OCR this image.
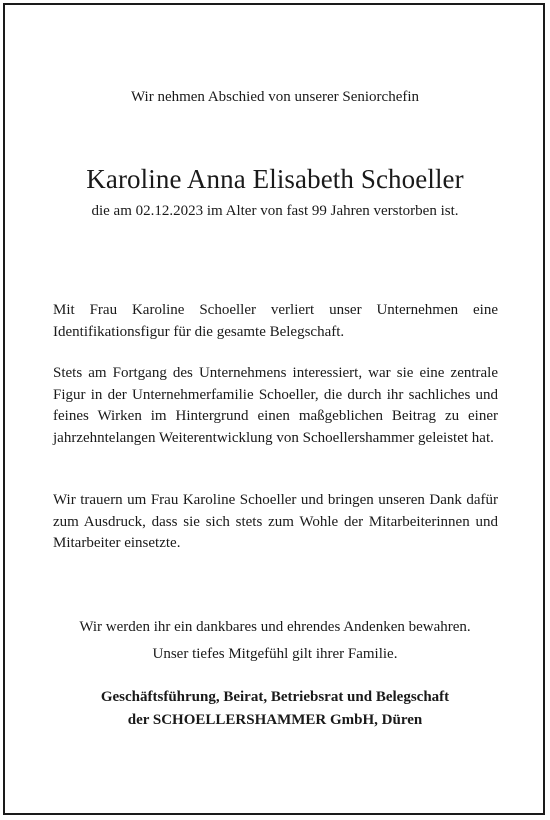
Wir nehmen Abschied von unserer Seniorchefin
Karoline Anna Elisabeth Schoeller
die am 02.12.2023 im Alter von fast 99 Jahren verstorben ist.

Mit Frau Karoline Schoeller verliert unser Unternehmen eine Identifikationsfigur für die gesamte Belegschaft.

Stets am Fortgang des Unternehmens interessiert, war sie eine zentrale Figur in der Unternehmerfamilie Schoeller, die durch ihr sachliches und feines Wirken im Hintergrund einen maßgeblichen Beitrag zu einer jahrzehntelangen Weiterentwicklung von Schoellershammer geleistet hat.

Wir trauern um Frau Karoline Schoeller und bringen unseren Dank dafür zum Ausdruck, dass sie sich stets zum Wohle der Mitarbeiterinnen und Mitarbeiter einsetzte.

Wir werden ihr ein dankbares und ehrendes Andenken bewahren.
Unser tiefes Mitgefühl gilt ihrer Familie.
Geschäftsführung, Beirat, Betriebsrat und Belegschaft
der SCHOELLERSHAMMER GmbH, Düren
